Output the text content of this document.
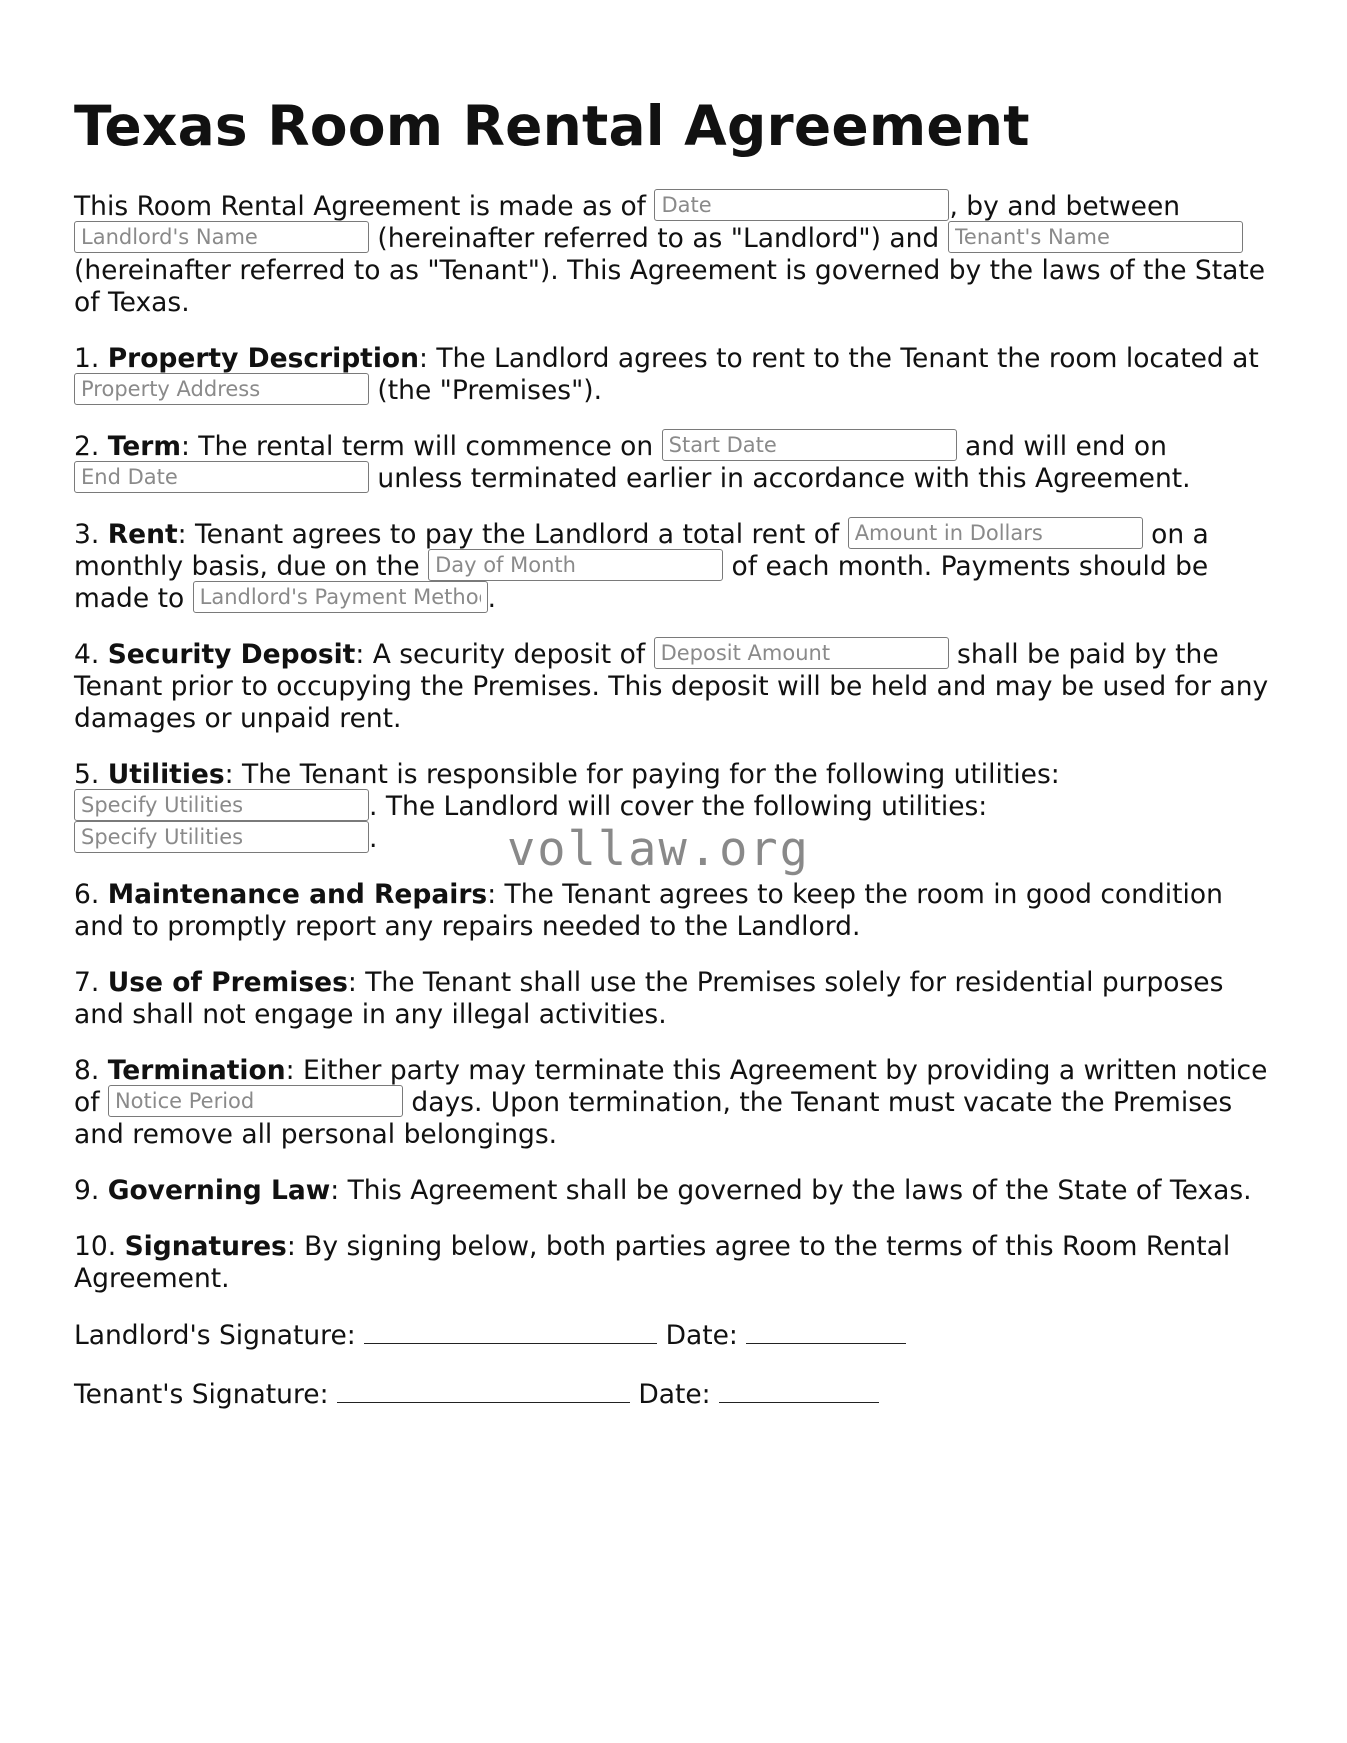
Texas Room Rental Agreement

This Room Rental Agreement is made as of Date	, by and between Landlord's Name (hereinafter referred to as "Landlord") and Tenant's Name (hereinafter referred to as "Tenant"). This Agreement is governed by the laws of the State of Texas.

1. Property Description: The Landlord agrees to rent to the Tenant the room located at Property Address (the "Premises").

2. Term: The rental term will commence on Start Date	and will end on End Date unless terminated earlier in accordance with this Agreement.

3. Rent: Tenant agrees to pay the Landlord a total rent of Amount in Dollars	on a monthly basis, due on the Day of Month	of each month. Payments should be made to Landlord's Payment Method	.

4. Security Deposit: A security deposit of Deposit Amount	shall be paid by the Tenant prior to occupying the Premises. This deposit will be held and may be used for any damages or unpaid rent.

5. Utilities: The Tenant is responsible for paying for the following utilities: Specify Utilities. The Landlord will cover the following utilities: Specify Utilities.

6. Maintenance and Repairs: The Tenant agrees to keep the room in good condition and to promptly report any repairs needed to the Landlord.

7. Use of Premises: The Tenant shall use the Premises solely for residential purposes and shall not engage in any illegal activities.

8. Termination: Either party may terminate this Agreement by providing a written notice of Notice Period	days. Upon termination, the Tenant must vacate the Premises and remove all personal belongings.

9. Governing Law: This Agreement shall be governed by the laws of the State of Texas.

10. Signatures: By signing below, both parties agree to the terms of this Room Rental Agreement.

Landlord's Signature:	Date:

Tenant's Signature:	Date:

vollaw.org
